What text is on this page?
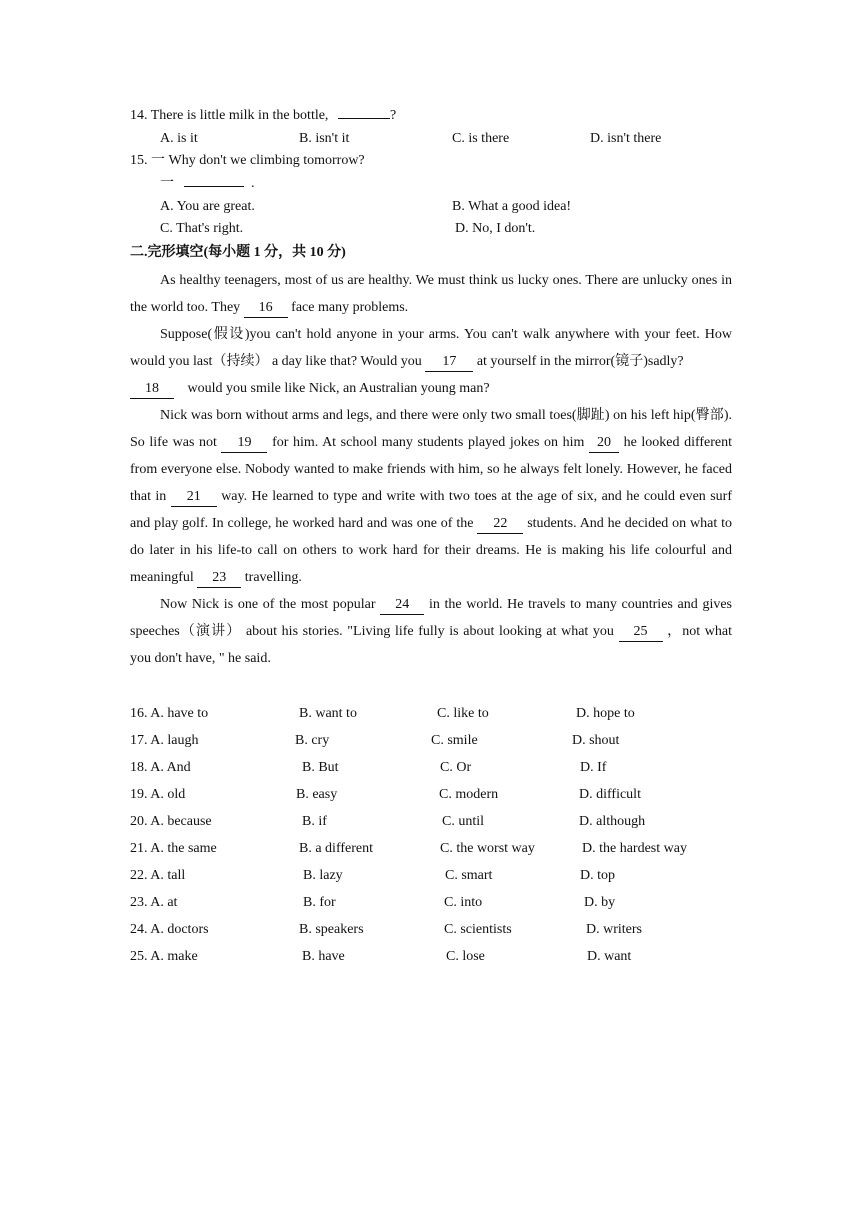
14. There is little milk in the bottle,	?
A. is it	B. isn't it	C. is there	D. isn't there
15. 一 Why don't we climbing tomorrow?
一	.
A. You are great.	B. What a good idea!
C. That's right.	D. No, I don't.
二.完形填空(每小题 1 分，共 10 分)

As healthy teenagers, most of us are healthy. We must think us lucky ones. There are unlucky ones in the world too. They 16 face many problems.

Suppose(假设)you can't hold anyone in your arms. You can't walk anywhere with your feet. How would you last（持续） a day like that? Would you 17 at yourself in the mirror(镜子)sadly?

18 would you smile like Nick, an Australian young man?

Nick was born without arms and legs, and there were only two small toes(脚趾) on his left hip(臀部). So life was not 19 for him. At school many students played jokes on him 20 he looked different from everyone else. Nobody wanted to make friends with him, so he always felt lonely. However, he faced that in 21 way. He learned to type and write with two toes at the age of six, and he could even surf and play golf. In college, he worked hard and was one of the 22 students. And he decided on what to do later in his life-to call on others to work hard for their dreams. He is making his life colourful and meaningful 23 travelling.

Now Nick is one of the most popular 24 in the world. He travels to many countries and gives speeches（演讲） about his stories. "Living life fully is about looking at what you 25 ，not what you don't have, " he said.

16. A. have to	B. want to	C. like to	D. hope to
17. A. laugh	B. cry	C. smile	D. shout
18. A. And	B. But	C. Or	D. If
19. A. old	B. easy	C. modern	D. difficult
20. A. because	B. if	C. until	D. although
21. A. the same	B. a different	C. the worst way	D. the hardest way
22. A. tall	B. lazy	C. smart	D. top
23. A. at	B. for	C. into	D. by
24. A. doctors	B. speakers	C. scientists	D. writers
25. A. make	B. have	C. lose	D. want
